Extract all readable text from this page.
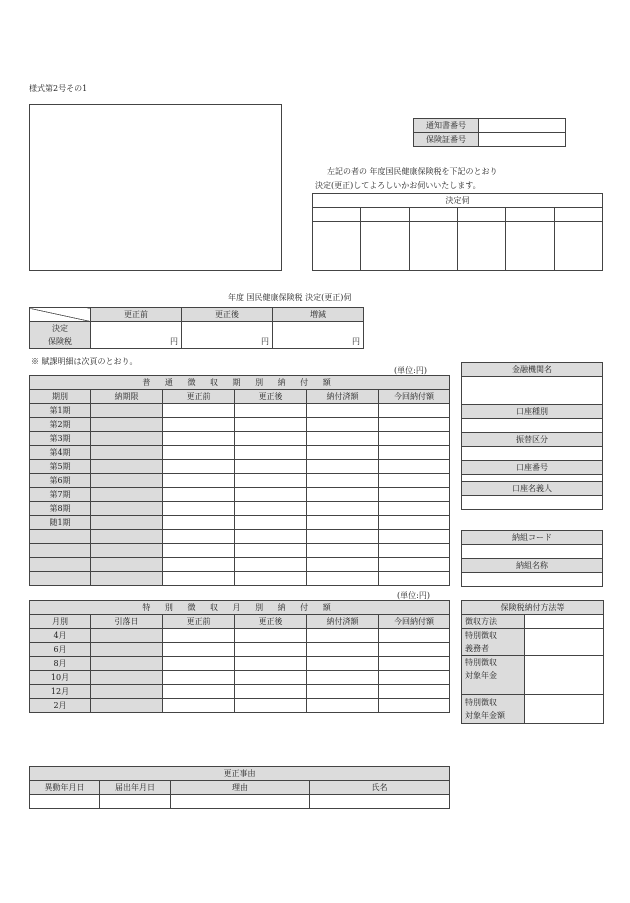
様式第2号その1
通知書番号	
保険証番号	
左記の者の 年度国民健康保険税を下記のとおり
決定(更正)してよろしいかお伺いいたします。
決定伺					

年度 国民健康保険税 決定(更正)伺
	更正前	更正後	増減

決定
保険税	円	円	円
※ 賦課明細は次頁のとおり。
(単位:円)
普 通 徴 収 期 別 納 付 額					
期別	納期限	更正前	更正後	納付済額	今回納付額
第1期					
第2期					
第3期					
第4期					
第5期					
第6期					
第7期					
第8期					
随1期					

(単位:円)
特 別 徴 収 月 別 納 付 額					
月別	引落日	更正前	更正後	納付済額	今回納付額
4月					
6月					
8月					
10月					
12月					
2月					
金融機関名

口座種別

振替区分

口座番号

口座名義人

納組コード

納組名称

保険税納付方法等	
徴収方法	

特別徴収
義務者	

特別徴収
対象年金	

特別徴収
対象年金額	

更正事由			
異動年月日	届出年月日	理由	氏名
